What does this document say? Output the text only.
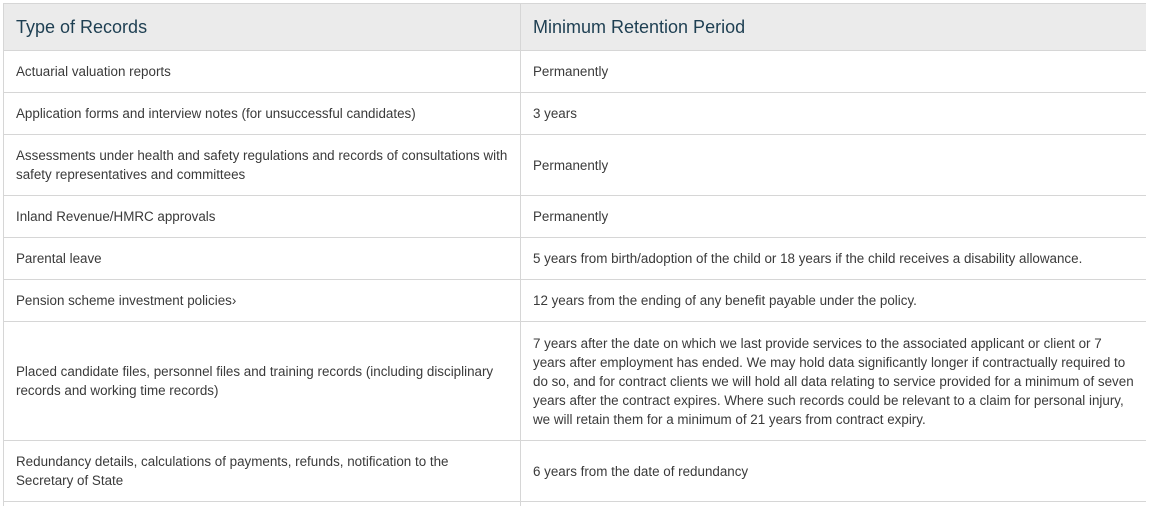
Type of Records	Minimum Retention Period
Actuarial valuation reports	Permanently
Application forms and interview notes (for unsuccessful candidates)	3 years
Assessments under health and safety regulations and records of consultations with safety representatives and committees	Permanently
Inland Revenue/HMRC approvals	Permanently
Parental leave	5 years from birth/adoption of the child or 18 years if the child receives a disability allowance.
Pension scheme investment policies›	12 years from the ending of any benefit payable under the policy.
Placed candidate files, personnel files and training records (including disciplinary records and working time records)	7 years after the date on which we last provide services to the associated applicant or client or 7 years after employment has ended. We may hold data significantly longer if contractually required to do so, and for contract clients we will hold all data relating to service provided for a minimum of seven years after the contract expires. Where such records could be relevant to a claim for personal injury, we will retain them for a minimum of 21 years from contract expiry.
Redundancy details, calculations of payments, refunds, notification to the Secretary of State	6 years from the date of redundancy
